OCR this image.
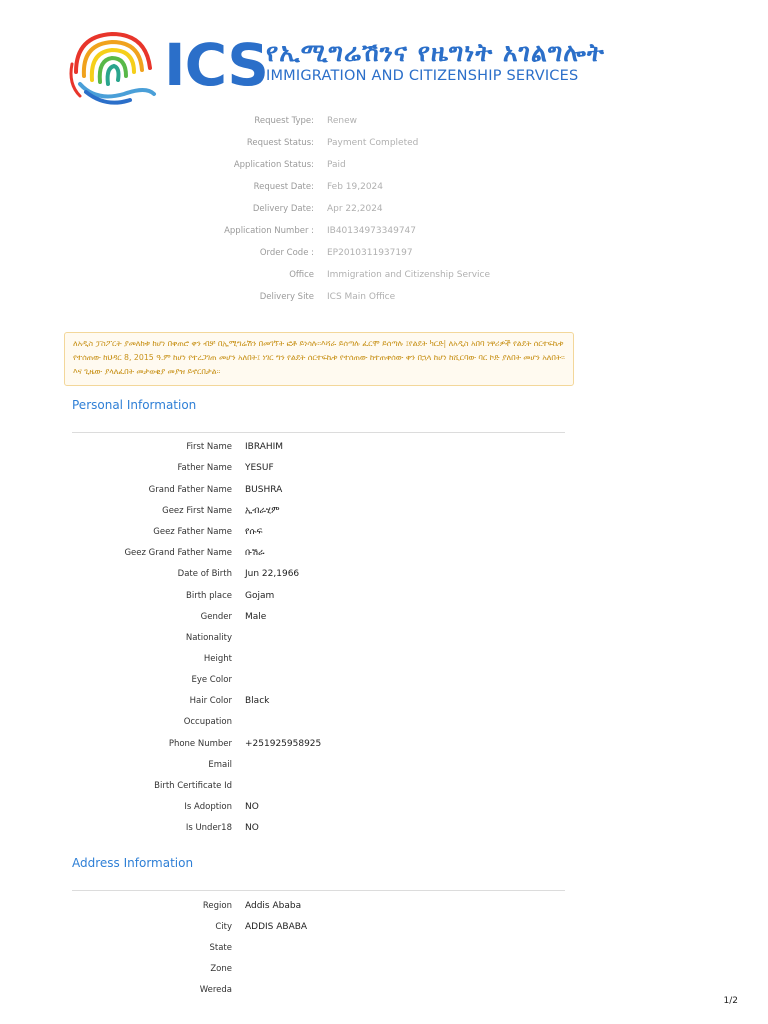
ICS
የኢሚግሬሽንና የዜግነት አገልግሎት
IMMIGRATION AND CITIZENSHIP SERVICES
Request Type: Renew
Request Status: Payment Completed
Application Status: Paid
Request Date: Feb 19,2024
Delivery Date: Apr 22,2024
Application Number : IB40134973349747
Order Code : EP2010311937197
Office Immigration and Citizenship Service
Delivery Site ICS Main Office
ለአዲስ ፓስፖርት ያመለከቱ ከሆነ በቀጠሮ ቀን ብቻ በኢሚግሬሽን በመገኘት ፎቶ ይነሳሉ፡፡እሻራ ይሰጣሉ ፈርሞ ይሰጣሉ ፤የልደት ካርድ| ለአዲስ አበባ ነዋሪዎች የልደት ሰርተፍኬቱ የተሰጠው ከህዳር 8, 2015 ዓ.ም ከሆነ የተረጋገጠ መሆን አለበት፤ ነገር ግን የልደት ሰርተፍኬቱ የተሰጠው ከተጠቀሰው ቀን በኋላ ከሆነ ከሺርባው ባር ኮድ ያለበት መሆን አለበት፡፡ እና ጊዜው ያላለፈበት መታወቂያ መያዝ ይኖርበታል።
Personal Information
First Name IBRAHIM
Father Name YESUF
Grand Father Name BUSHRA
Geez First Name ኢብራሂም
Geez Father Name የሱፍ
Geez Grand Father Name ቡሽራ
Date of Birth Jun 22,1966
Birth place Gojam
Gender Male
Nationality
Height
Eye Color
Hair Color Black
Occupation
Phone Number +251925958925
Email
Birth Certificate Id
Is Adoption NO
Is Under18 NO
Address Information
Region Addis Ababa
City ADDIS ABABA
State
Zone
Wereda
1/2
